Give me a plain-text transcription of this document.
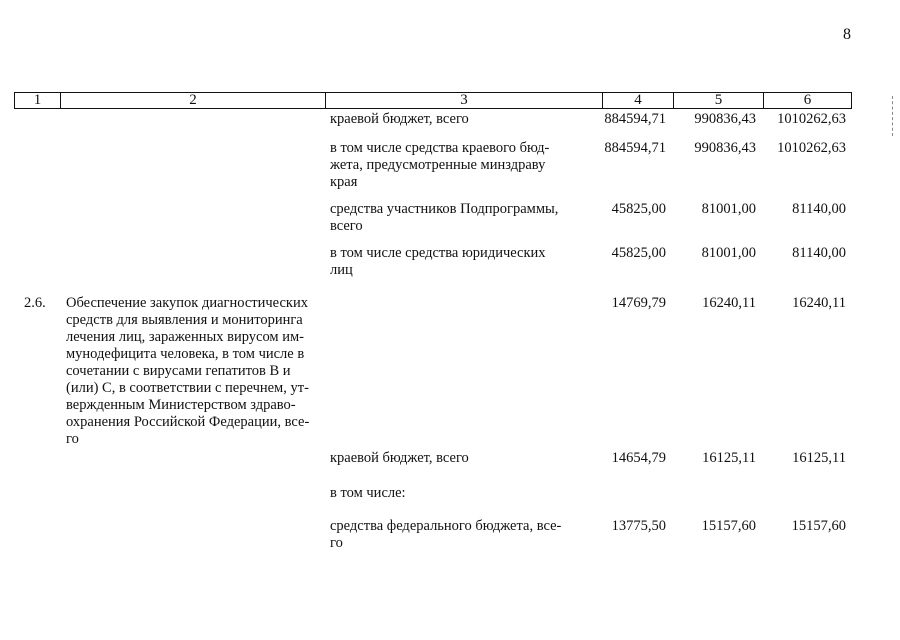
8
1	2	3	4	5	6
краевой бюджет, всего	884594,71	990836,43	1010262,63
в том числе средства краевого бюд-
жета, предусмотренные минздраву
края
884594,71	990836,43	1010262,63
средства участников Подпрограммы,
всего
45825,00	81001,00	81140,00
в том числе средства юридических
лиц
45825,00	81001,00	81140,00
2.6.	Обеспечение закупок диагностических
средств для выявления и мониторинга
лечения лиц, зараженных вирусом им-
мунодефицита человека, в том числе в
сочетании с вирусами гепатитов В и
(или) С, в соответствии с перечнем, ут-
вержденным Министерством здраво-
охранения Российской Федерации, все-
го
14769,79	16240,11	16240,11
краевой бюджет, всего	14654,79	16125,11	16125,11
в том числе:
средства федерального бюджета, все-
го
13775,50	15157,60	15157,60
